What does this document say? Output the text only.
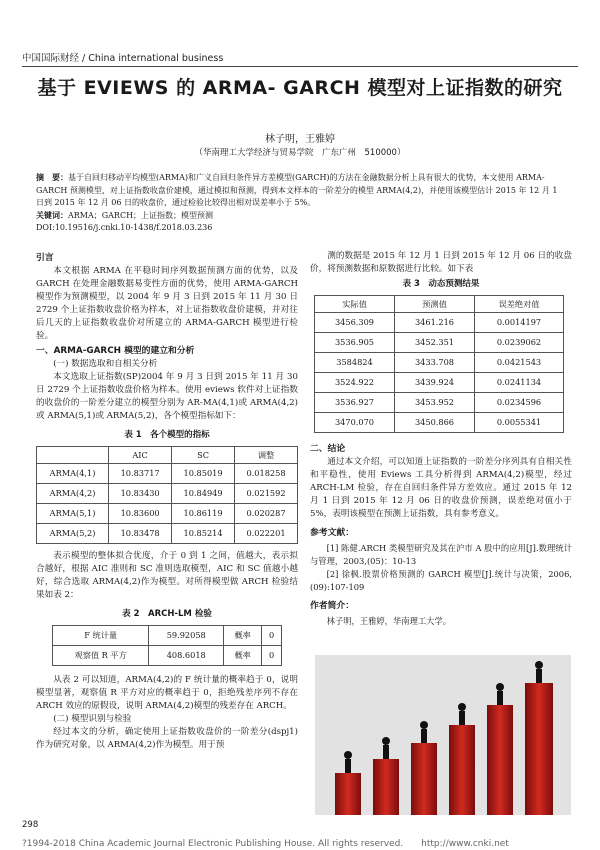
中国国际财经 / China international business
基于 EVIEWS 的 ARMA- GARCH 模型对上证指数的研究
林子明，王雅婷
（华南理工大学经济与贸易学院　广东广州　510000）
摘　要：基于自回归移动平均模型(ARMA)和广义自回归条件异方差模型(GARCH)的方法在金融数据分析上具有很大的优势，本文使用 ARMA-GARCH 预测模型，对上证指数收盘价建模，通过模拟和预测，得到本文样本的一阶差分的模型 ARMA(4,2)，并使用该模型估计 2015 年 12 月 1 日到 2015 年 12 月 06 日的收盘价，通过检验比较得出相对误差率小于 5%。
关键词：ARMA；GARCH；上证指数；模型预测
DOI:10.19516/j.cnki.10-1438/f.2018.03.236
引言

本文根据 ARMA 在平稳时间序列数据预测方面的优势，以及 GARCH 在处理金融数据易变性方面的优势，使用 ARMA-GARCH 模型作为预测模型，以 2004 年 9 月 3 日到 2015 年 11 月 30 日 2729 个上证指数收盘价格为样本，对上证指数收盘价建模，并对往后几天的上证指数收盘价对所建立的 ARMA-GARCH 模型进行检验。

一、ARMA-GARCH 模型的建立和分析
(一) 数据选取和自相关分析

本文选取上证指数(SP)2004 年 9 月 3 日到 2015 年 11 月 30 日 2729 个上证指数收盘价格为样本。使用 eviews 软件对上证指数的收盘价的一阶差分建立的模型分别为 AR-MA(4,1)或 ARMA(4,2)或 ARMA(5,1)或 ARMA(5,2)，各个模型指标如下：

表 1　各个模型的指标
	AIC	SC	调整
ARMA(4,1)	10.83717	10.85019	0.018258
ARMA(4,2)	10.83430	10.84949	0.021592
ARMA(5,1)	10.83600	10.86119	0.020287
ARMA(5,2)	10.83478	10.85214	0.022201

表示模型的整体拟合优度，介于 0 到 1 之间，值越大，表示拟合越好，根据 AIC 准则和 SC 准则选取模型，AIC 和 SC 值越小越好，综合选取 ARMA(4,2)作为模型。对所得模型做 ARCH 检验结果如表 2：

表 2　ARCH-LM 检验
F 统计量	59.92058	概率	0
观察值 R 平方	408.6018	概率	0

从表 2 可以知道，ARMA(4,2)的 F 统计量的概率趋于 0，说明模型显著，观察值 R 平方对应的概率趋于 0，拒绝残差序列不存在 ARCH 效应的原假设，说明 ARMA(4,2)模型的残差存在 ARCH。

(二) 模型识别与检验

经过本文的分析，确定使用上证指数收盘价的一阶差分(dspj1)作为研究对象，以 ARMA(4,2)作为模型。用于预

测的数据是 2015 年 12 月 1 日到 2015 年 12 月 06 日的收盘价，将预测数据和原数据进行比较。如下表

表 3　动态预测结果
实际值	预测值	误差绝对值
3456.309	3461.216	0.0014197
3536.905	3452.351	0.0239062
3584824	3433.708	0.0421543
3524.922	3439.924	0.0241134
3536.927	3453.952	0.0234596
3470.070	3450.866	0.0055341
二、结论

通过本文介绍，可以知道上证指数的一阶差分序列具有自相关性和平稳性，使用 Eviews 工具分析得到 ARMA(4,2)模型，经过 ARCH-LM 检验，存在自回归条件异方差效应。通过 2015 年 12 月 1 日到 2015 年 12 月 06 日的收盘价预测，误差绝对值小于 5%，表明该模型在预测上证指数，具有参考意义。

参考文献：

[1] 陈健.ARCH 类模型研究及其在沪市 A 股中的应用[J].数理统计与管理，2003,(05)：10-13

[2] 徐枫.股票价格预测的 GARCH 模型[J].统计与决策，2006,(09):107-109

作者简介：

林子明，王雅婷，华南理工大学。

298
?1994-2018 China Academic Journal Electronic Publishing House. All rights reserved.　　http://www.cnki.net
